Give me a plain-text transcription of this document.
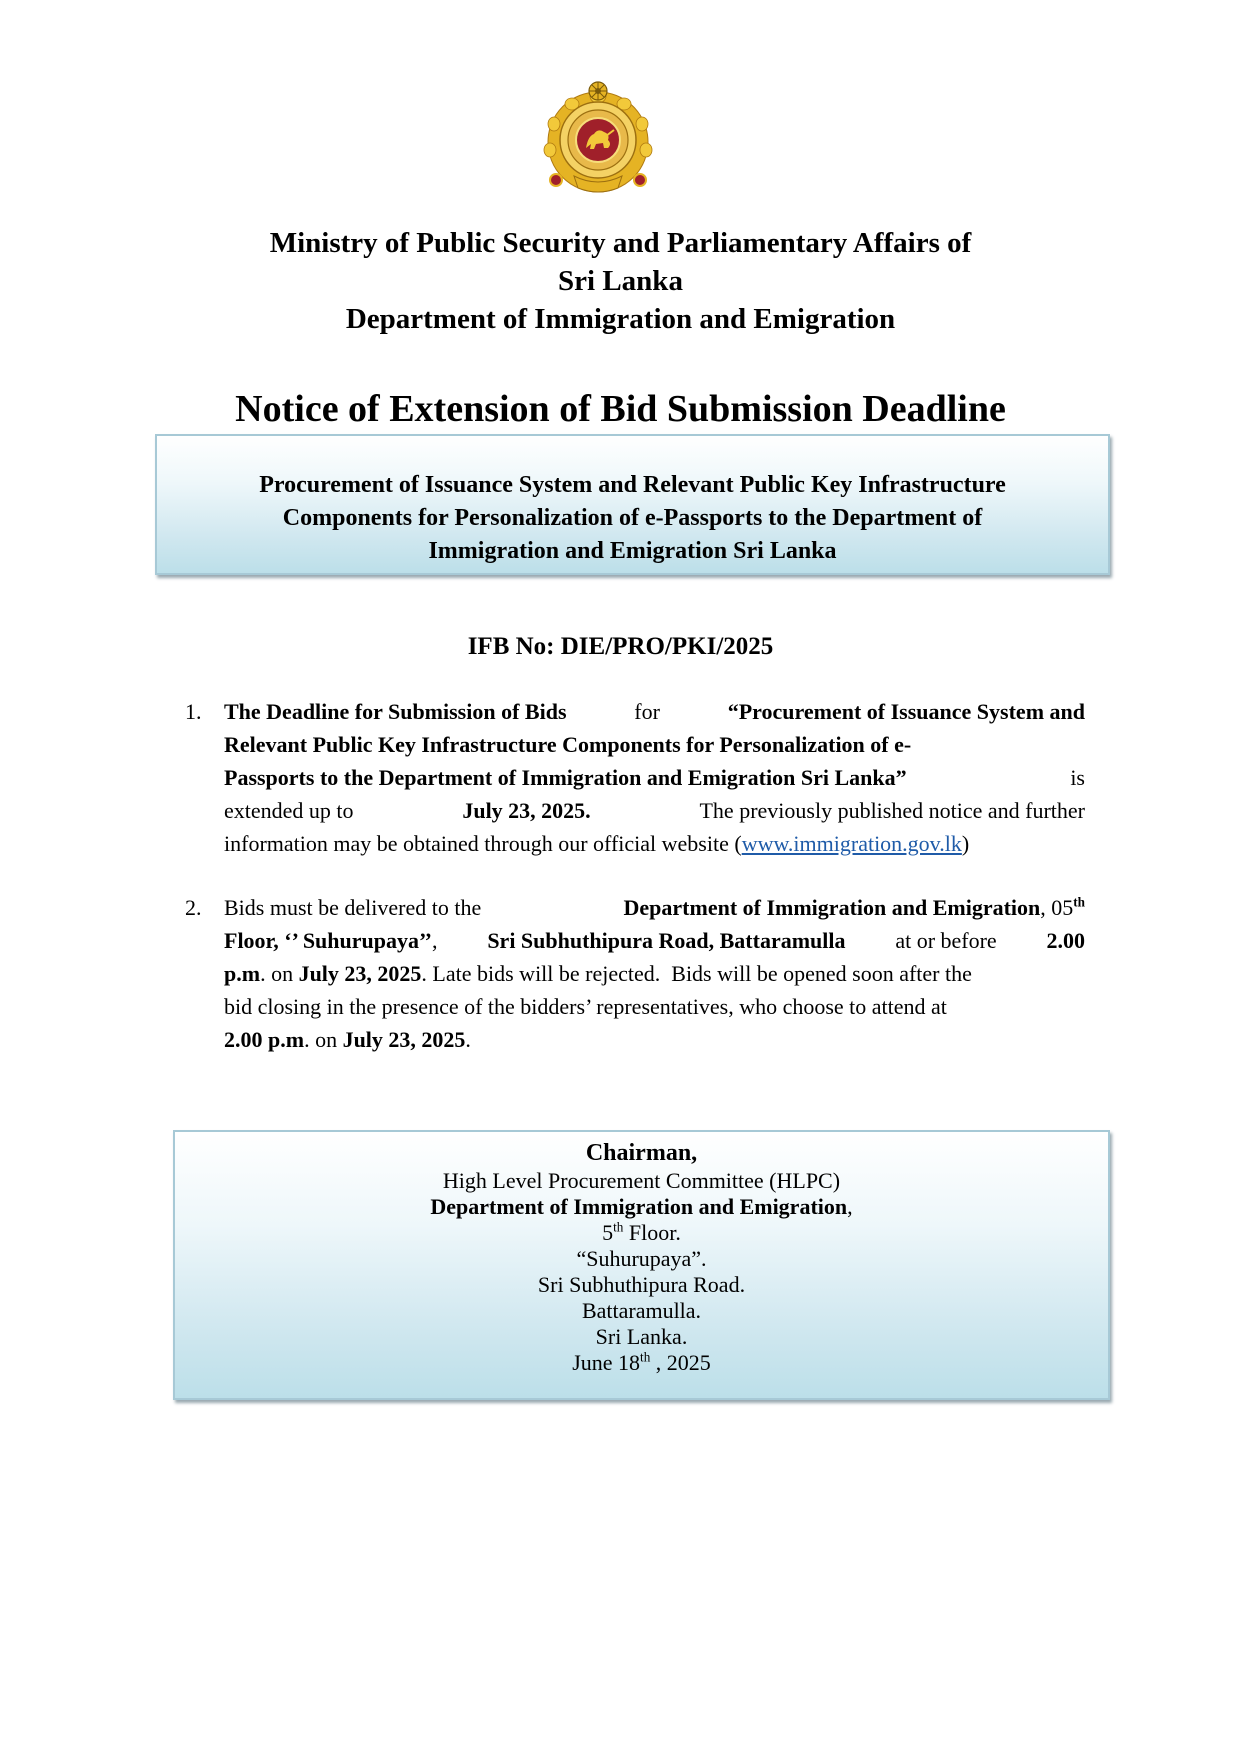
Ministry of Public Security and Parliamentary Affairs of
Sri Lanka
Department of Immigration and Emigration
Notice of Extension of Bid Submission Deadline
Procurement of Issuance System and Relevant Public Key Infrastructure
Components for Personalization of e-Passports to the Department of
Immigration and Emigration Sri Lanka
IFB No: DIE/PRO/PKI/2025
1. The Deadline for Submission of Bids	for	“Procurement of Issuance System and
Relevant Public Key Infrastructure Components for Personalization of e-
Passports to the Department of Immigration and Emigration Sri Lanka”	is
extended up to	July 23, 2025.	The previously published notice and further
information may be obtained through our official website (www.immigration.gov.lk)
2. Bids must be delivered to the	Department of Immigration and Emigration, 05th
Floor, ‘’ Suhurupaya’’, Sri Subhuthipura Road, Battaramulla at or before 2.00
p.m. on July 23, 2025. Late bids will be rejected.  Bids will be opened soon after the
bid closing in the presence of the bidders’ representatives, who choose to attend at
2.00 p.m. on July 23, 2025.
Chairman,
High Level Procurement Committee (HLPC)
Department of Immigration and Emigration,
5th Floor.
“Suhurupaya”.
Sri Subhuthipura Road.
Battaramulla.
Sri Lanka.
June 18th , 2025
